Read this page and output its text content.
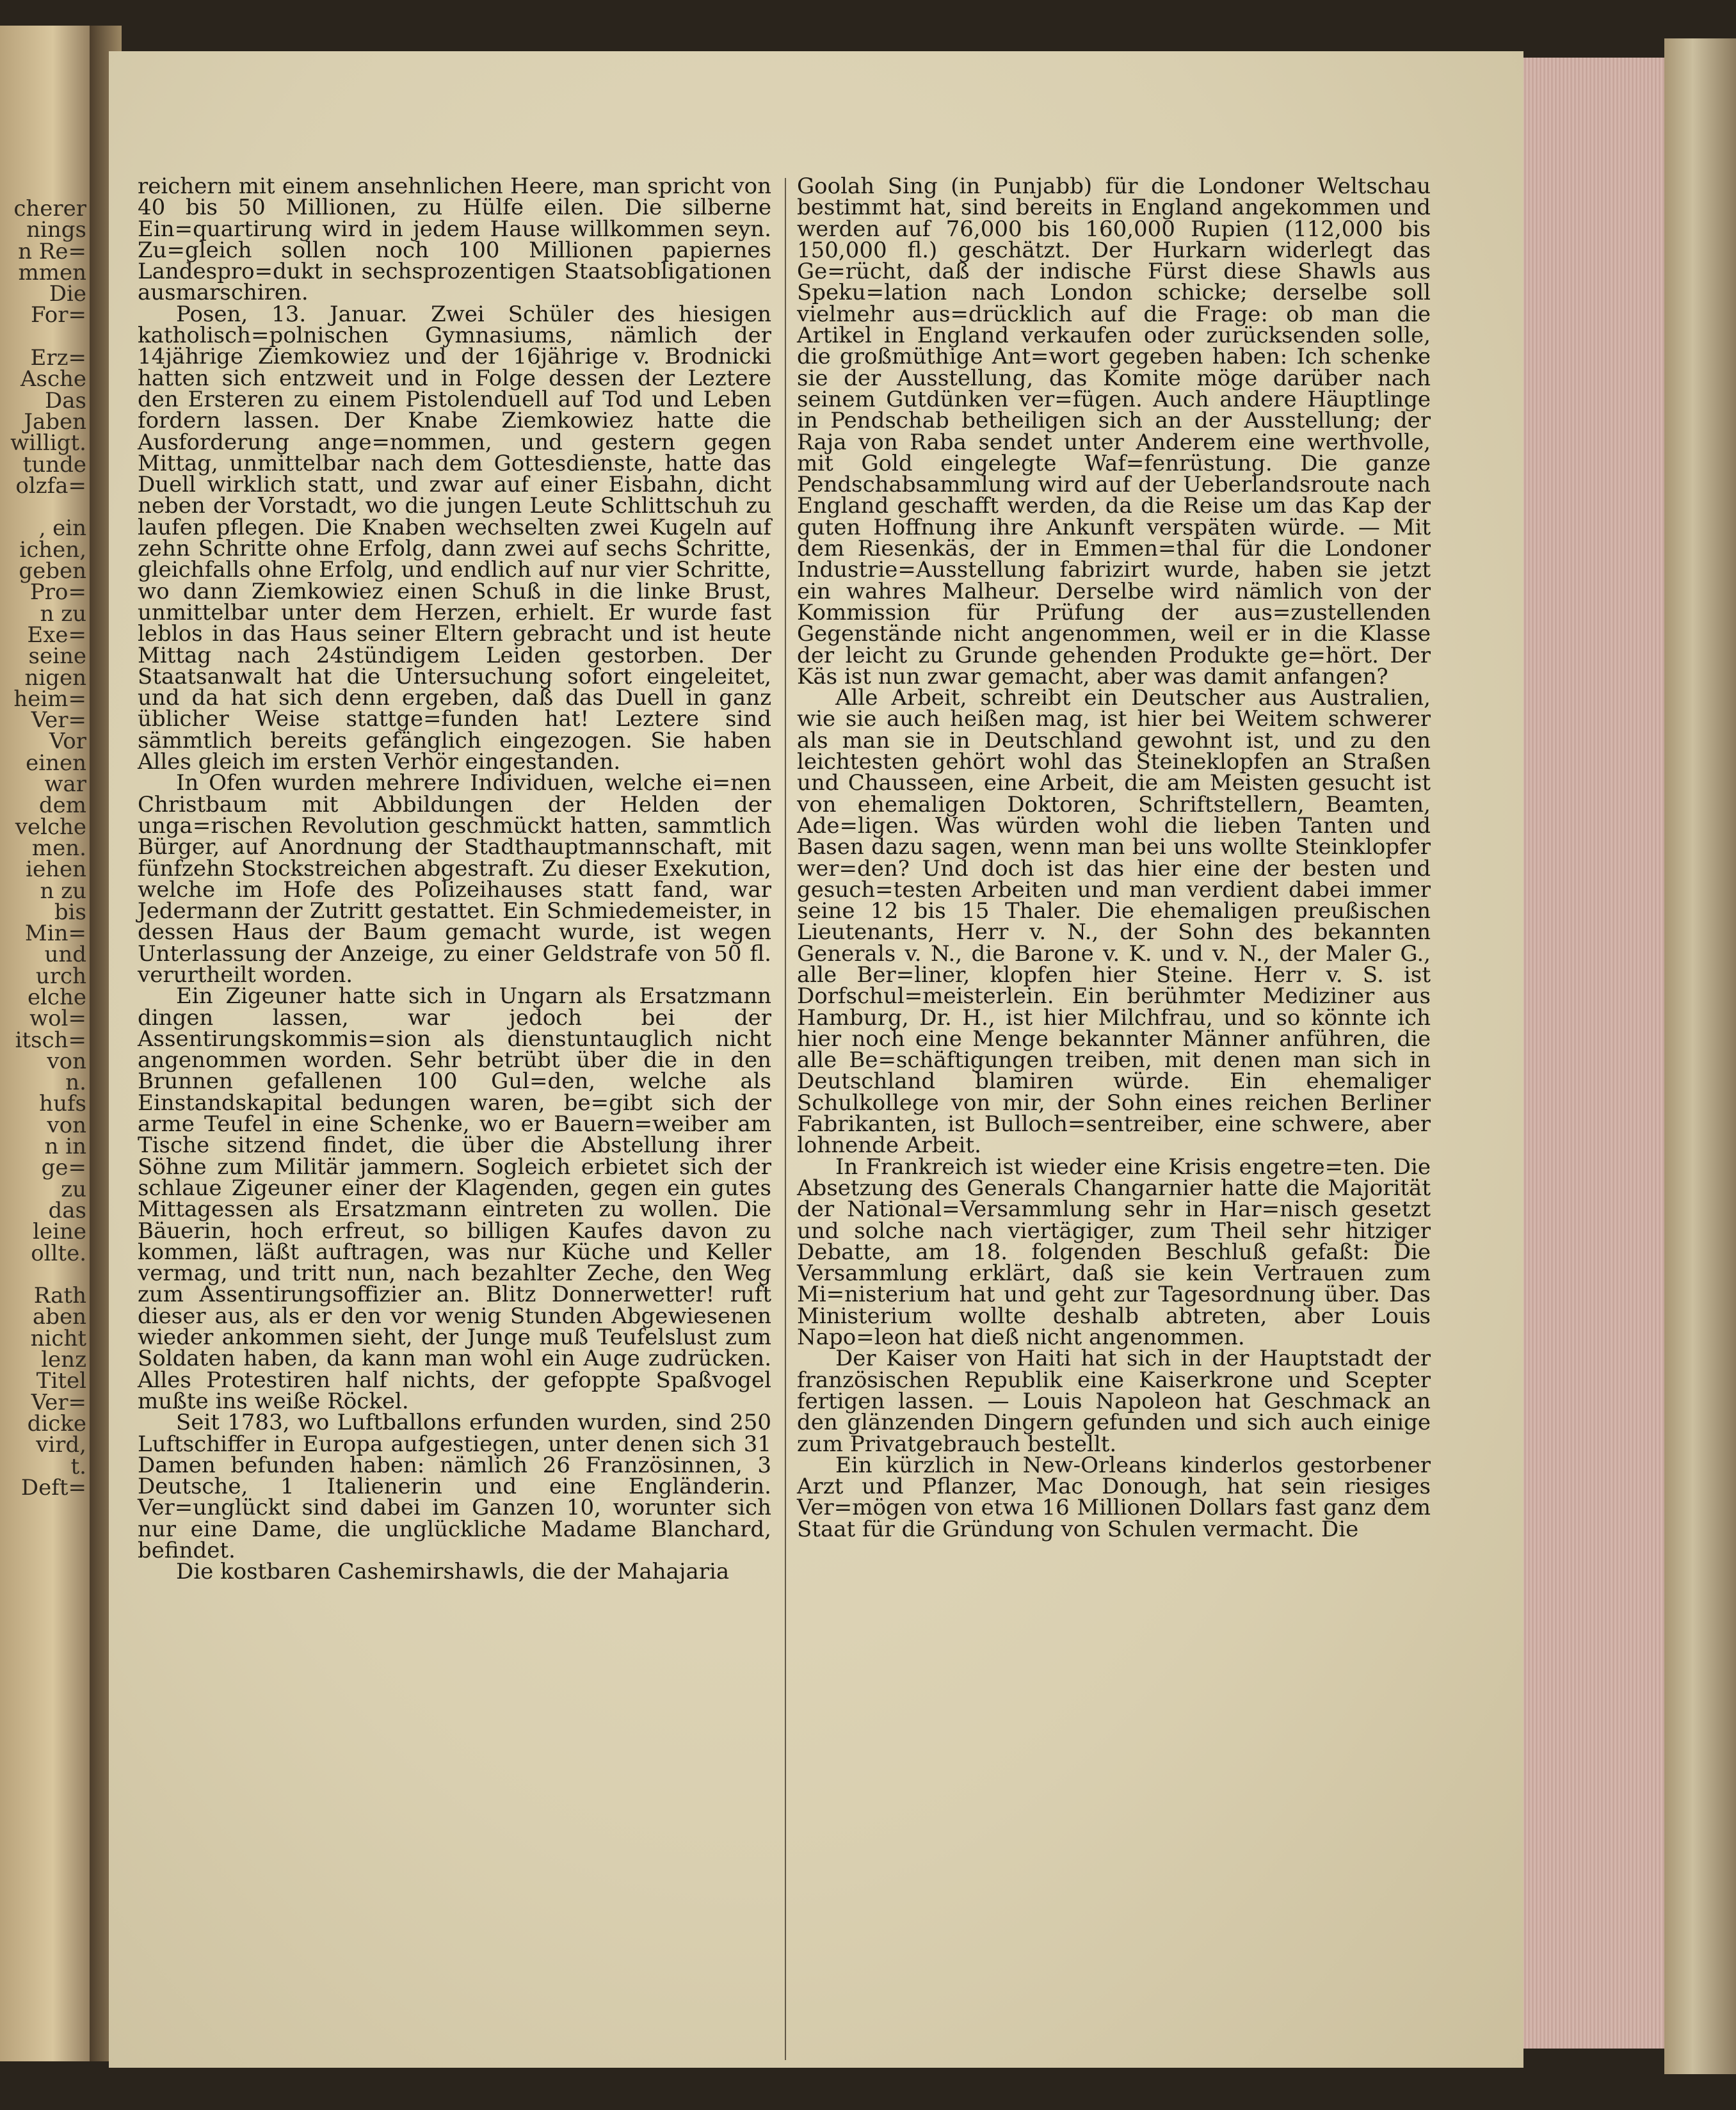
cherer
nings
n Re=
mmen
Die
For=

Erz=
Asche
Das
Jaben
willigt.
tunde
olzfa=

‚ ein
ichen,
geben
Pro=
n zu
Exe=
seine
nigen
heim=
Ver=
Vor
einen
war
dem
velche
men.
iehen
n zu
bis
Min=
und
urch
elche
wol=
itsch=
von
n.
hufs
von
n in
ge=
zu
das
leine
ollte.

Rath
aben
nicht
lenz
Titel
Ver=
dicke
vird,
t.
Deft=

reichern mit einem ansehnlichen Heere, man spricht von 40 bis 50 Millionen, zu Hülfe eilen. Die silberne Ein=quartirung wird in jedem Hause willkommen seyn. Zu=gleich sollen noch 100 Millionen papiernes Landespro=dukt in sechsprozentigen Staatsobligationen ausmarschiren.

Posen, 13. Januar. Zwei Schüler des hiesigen katholisch=polnischen Gymnasiums, nämlich der 14jährige Ziemkowiez und der 16jährige v. Brodnicki hatten sich entzweit und in Folge dessen der Leztere den Ersteren zu einem Pistolenduell auf Tod und Leben fordern lassen. Der Knabe Ziemkowiez hatte die Ausforderung ange=nommen, und gestern gegen Mittag, unmittelbar nach dem Gottesdienste, hatte das Duell wirklich statt, und zwar auf einer Eisbahn, dicht neben der Vorstadt, wo die jungen Leute Schlittschuh zu laufen pflegen. Die Knaben wechselten zwei Kugeln auf zehn Schritte ohne Erfolg, dann zwei auf sechs Schritte, gleichfalls ohne Erfolg, und endlich auf nur vier Schritte, wo dann Ziemkowiez einen Schuß in die linke Brust, unmittelbar unter dem Herzen, erhielt. Er wurde fast leblos in das Haus seiner Eltern gebracht und ist heute Mittag nach 24stündigem Leiden gestorben. Der Staatsanwalt hat die Untersuchung sofort eingeleitet, und da hat sich denn ergeben, daß das Duell in ganz üblicher Weise stattge=funden hat! Leztere sind sämmtlich bereits gefänglich eingezogen. Sie haben Alles gleich im ersten Verhör eingestanden.

In Ofen wurden mehrere Individuen, welche ei=nen Christbaum mit Abbildungen der Helden der unga=rischen Revolution geschmückt hatten, sammtlich Bürger, auf Anordnung der Stadthauptmannschaft, mit fünfzehn Stockstreichen abgestraft. Zu dieser Exekution, welche im Hofe des Polizeihauses statt fand, war Jedermann der Zutritt gestattet. Ein Schmiedemeister, in dessen Haus der Baum gemacht wurde, ist wegen Unterlassung der Anzeige, zu einer Geldstrafe von 50 fl. verurtheilt worden.

Ein Zigeuner hatte sich in Ungarn als Ersatzmann dingen lassen, war jedoch bei der Assentirungskommis=sion als dienstuntauglich nicht angenommen worden. Sehr betrübt über die in den Brunnen gefallenen 100 Gul=den, welche als Einstandskapital bedungen waren, be=gibt sich der arme Teufel in eine Schenke, wo er Bauern=weiber am Tische sitzend findet, die über die Abstellung ihrer Söhne zum Militär jammern. Sogleich erbietet sich der schlaue Zigeuner einer der Klagenden, gegen ein gutes Mittagessen als Ersatzmann eintreten zu wollen. Die Bäuerin, hoch erfreut, so billigen Kaufes davon zu kommen, läßt auftragen, was nur Küche und Keller vermag, und tritt nun, nach bezahlter Zeche, den Weg zum Assentirungsoffizier an. Blitz Donnerwetter! ruft dieser aus, als er den vor wenig Stunden Abgewiesenen wieder ankommen sieht, der Junge muß Teufelslust zum Soldaten haben, da kann man wohl ein Auge zudrücken. Alles Protestiren half nichts, der gefoppte Spaßvogel mußte ins weiße Röckel.

Seit 1783, wo Luftballons erfunden wurden, sind 250 Luftschiffer in Europa aufgestiegen, unter denen sich 31 Damen befunden haben: nämlich 26 Französinnen, 3 Deutsche, 1 Italienerin und eine Engländerin. Ver=unglückt sind dabei im Ganzen 10, worunter sich nur eine Dame, die unglückliche Madame Blanchard, befindet.

Die kostbaren Cashemirshawls, die der Mahajaria

Goolah Sing (in Punjabb) für die Londoner Weltschau bestimmt hat, sind bereits in England angekommen und werden auf 76,000 bis 160,000 Rupien (112,000 bis 150,000 fl.) geschätzt. Der Hurkarn widerlegt das Ge=rücht, daß der indische Fürst diese Shawls aus Speku=lation nach London schicke; derselbe soll vielmehr aus=drücklich auf die Frage: ob man die Artikel in England verkaufen oder zurücksenden solle, die großmüthige Ant=wort gegeben haben: Ich schenke sie der Ausstellung, das Komite möge darüber nach seinem Gutdünken ver=fügen. Auch andere Häuptlinge in Pendschab betheiligen sich an der Ausstellung; der Raja von Raba sendet unter Anderem eine werthvolle, mit Gold eingelegte Waf=fenrüstung. Die ganze Pendschabsammlung wird auf der Ueberlandsroute nach England geschafft werden, da die Reise um das Kap der guten Hoffnung ihre Ankunft verspäten würde. — Mit dem Riesenkäs, der in Emmen=thal für die Londoner Industrie=Ausstellung fabrizirt wurde, haben sie jetzt ein wahres Malheur. Derselbe wird nämlich von der Kommission für Prüfung der aus=zustellenden Gegenstände nicht angenommen, weil er in die Klasse der leicht zu Grunde gehenden Produkte ge=hört. Der Käs ist nun zwar gemacht, aber was damit anfangen?

Alle Arbeit, schreibt ein Deutscher aus Australien, wie sie auch heißen mag, ist hier bei Weitem schwerer als man sie in Deutschland gewohnt ist, und zu den leichtesten gehört wohl das Steineklopfen an Straßen und Chausseen, eine Arbeit, die am Meisten gesucht ist von ehemaligen Doktoren, Schriftstellern, Beamten, Ade=ligen. Was würden wohl die lieben Tanten und Basen dazu sagen, wenn man bei uns wollte Steinklopfer wer=den? Und doch ist das hier eine der besten und gesuch=testen Arbeiten und man verdient dabei immer seine 12 bis 15 Thaler. Die ehemaligen preußischen Lieutenants, Herr v. N., der Sohn des bekannten Generals v. N., die Barone v. K. und v. N., der Maler G., alle Ber=liner, klopfen hier Steine. Herr v. S. ist Dorfschul=meisterlein. Ein berühmter Mediziner aus Hamburg, Dr. H., ist hier Milchfrau, und so könnte ich hier noch eine Menge bekannter Männer anführen, die alle Be=schäftigungen treiben, mit denen man sich in Deutschland blamiren würde. Ein ehemaliger Schulkollege von mir, der Sohn eines reichen Berliner Fabrikanten, ist Bulloch=sentreiber, eine schwere, aber lohnende Arbeit.

In Frankreich ist wieder eine Krisis engetre=ten. Die Absetzung des Generals Changarnier hatte die Majorität der National=Versammlung sehr in Har=nisch gesetzt und solche nach viertägiger, zum Theil sehr hitziger Debatte, am 18. folgenden Beschluß gefaßt: Die Versammlung erklärt, daß sie kein Vertrauen zum Mi=nisterium hat und geht zur Tagesordnung über. Das Ministerium wollte deshalb abtreten, aber Louis Napo=leon hat dieß nicht angenommen.

Der Kaiser von Haiti hat sich in der Hauptstadt der französischen Republik eine Kaiserkrone und Scepter fertigen lassen. — Louis Napoleon hat Geschmack an den glänzenden Dingern gefunden und sich auch einige zum Privatgebrauch bestellt.

Ein kürzlich in New-Orleans kinderlos gestorbener Arzt und Pflanzer, Mac Donough, hat sein riesiges Ver=mögen von etwa 16 Millionen Dollars fast ganz dem Staat für die Gründung von Schulen vermacht. Die
